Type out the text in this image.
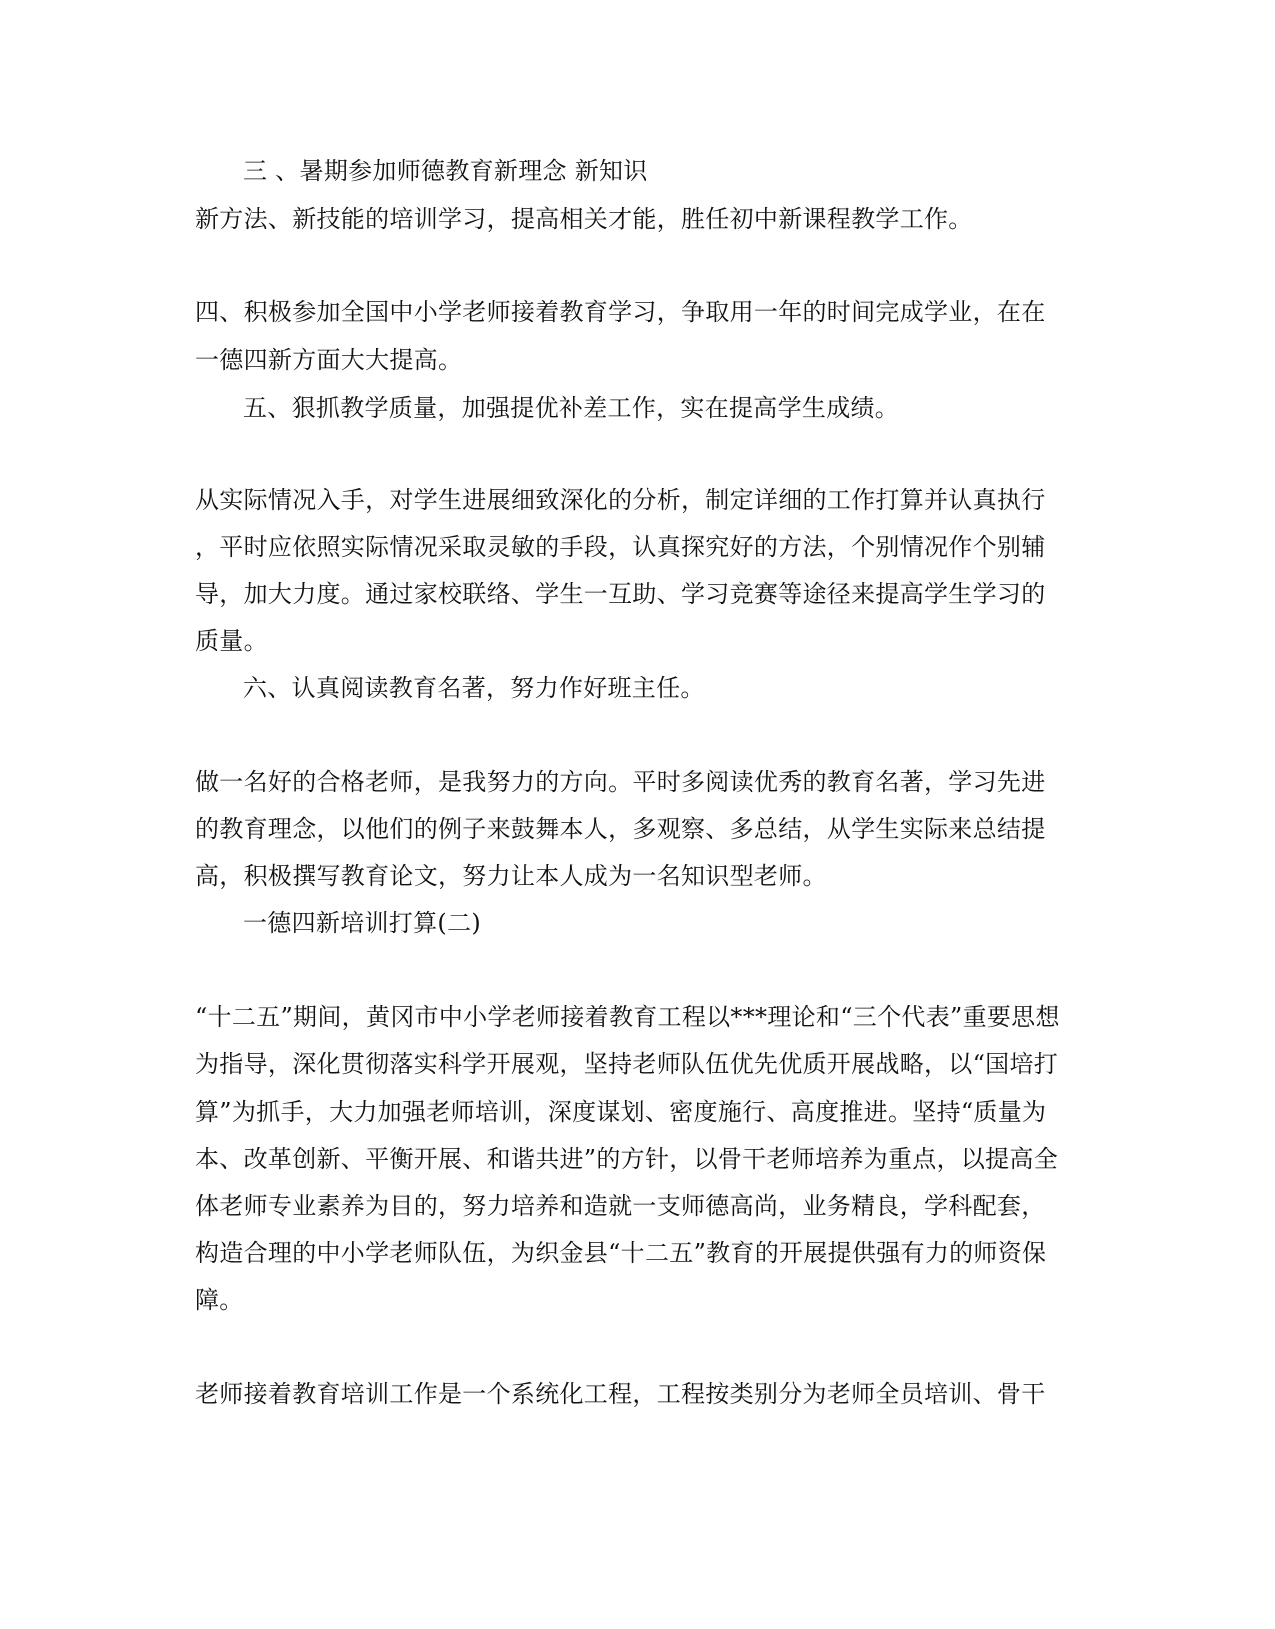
三 、暑期参加师德教育新理念 新知识
新方法、新技能的培训学习，提高相关才能，胜任初中新课程教学工作。
四、积极参加全国中小学老师接着教育学习，争取用一年的时间完成学业，在在
一德四新方面大大提高。
五、狠抓教学质量，加强提优补差工作，实在提高学生成绩。
从实际情况入手，对学生进展细致深化的分析，制定详细的工作打算并认真执行
，平时应依照实际情况采取灵敏的手段，认真探究好的方法，个别情况作个别辅
导，加大力度。通过家校联络、学生一互助、学习竞赛等途径来提高学生学习的
质量。
六、认真阅读教育名著，努力作好班主任。
做一名好的合格老师，是我努力的方向。平时多阅读优秀的教育名著，学习先进
的教育理念，以他们的例子来鼓舞本人，多观察、多总结，从学生实际来总结提
高，积极撰写教育论文，努力让本人成为一名知识型老师。
一德四新培训打算(二)
“十二五”期间，黄冈市中小学老师接着教育工程以***理论和“三个代表”重要思想
为指导，深化贯彻落实科学开展观，坚持老师队伍优先优质开展战略，以“国培打
算”为抓手，大力加强老师培训，深度谋划、密度施行、高度推进。坚持“质量为
本、改革创新、平衡开展、和谐共进”的方针，以骨干老师培养为重点，以提高全
体老师专业素养为目的，努力培养和造就一支师德高尚，业务精良，学科配套，
构造合理的中小学老师队伍，为织金县“十二五”教育的开展提供强有力的师资保
障。
老师接着教育培训工作是一个系统化工程，工程按类别分为老师全员培训、骨干
